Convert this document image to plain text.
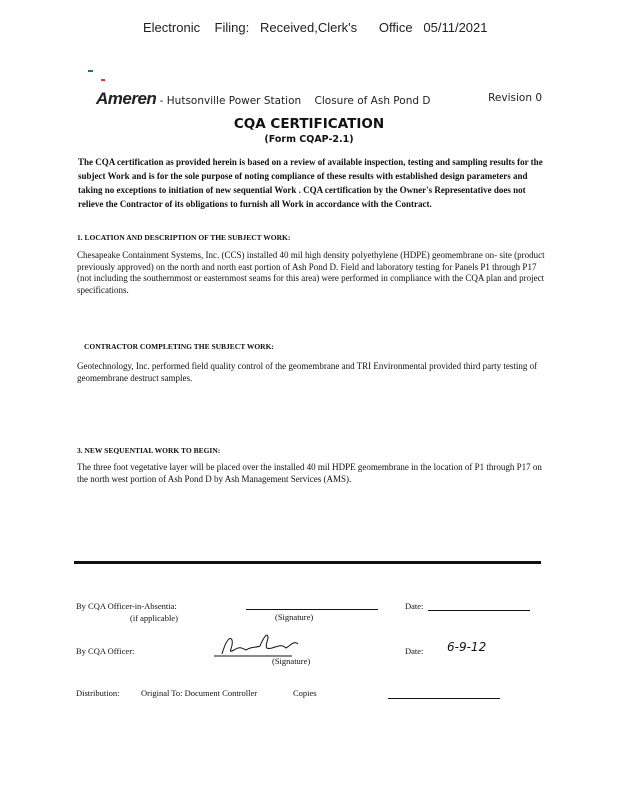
Electronic    Filing:   Received,Clerk's      Office   05/11/2021
Ameren - Hutsonville Power Station    Closure of Ash Pond D	Revision 0
CQA CERTIFICATION
(Form CQAP-2.1)
The CQA certification as provided herein is based on a review of available inspection, testing and sampling results for the subject Work and is for the sole purpose of noting compliance of these results with established design parameters and taking no exceptions to initiation of new sequential Work . CQA certification by the Owner's Representative does not relieve the Contractor of its obligations to furnish all Work in accordance with the Contract.
1. LOCATION AND DESCRIPTION OF THE SUBJECT WORK:
Chesapeake Containment Systems, Inc. (CCS) installed 40 mil high density polyethylene (HDPE) geomembrane on- site (product previously approved) on the north and north east portion of Ash Pond D. Field and laboratory testing for Panels P1 through P17 (not including the southernmost or easternmost seams for this area) were performed in compliance with the CQA plan and project specifications.
CONTRACTOR COMPLETING THE SUBJECT WORK:
Geotechnology, Inc. performed field quality control of the geomembrane and TRI Environmental provided third party testing of geomembrane destruct samples.
3. NEW SEQUENTIAL WORK TO BEGIN:
The three foot vegetative layer will be placed over the installed 40 mil HDPE geomembrane in the location of P1 through P17 on the north west portion of Ash Pond D by Ash Management Services (AMS).
By CQA Officer-in-Absentia:
(if applicable)	(Signature)
Date:
By CQA Officer:
(Signature)
Date: 6-9-12
Distribution:	Original To: Document Controller	Copies
